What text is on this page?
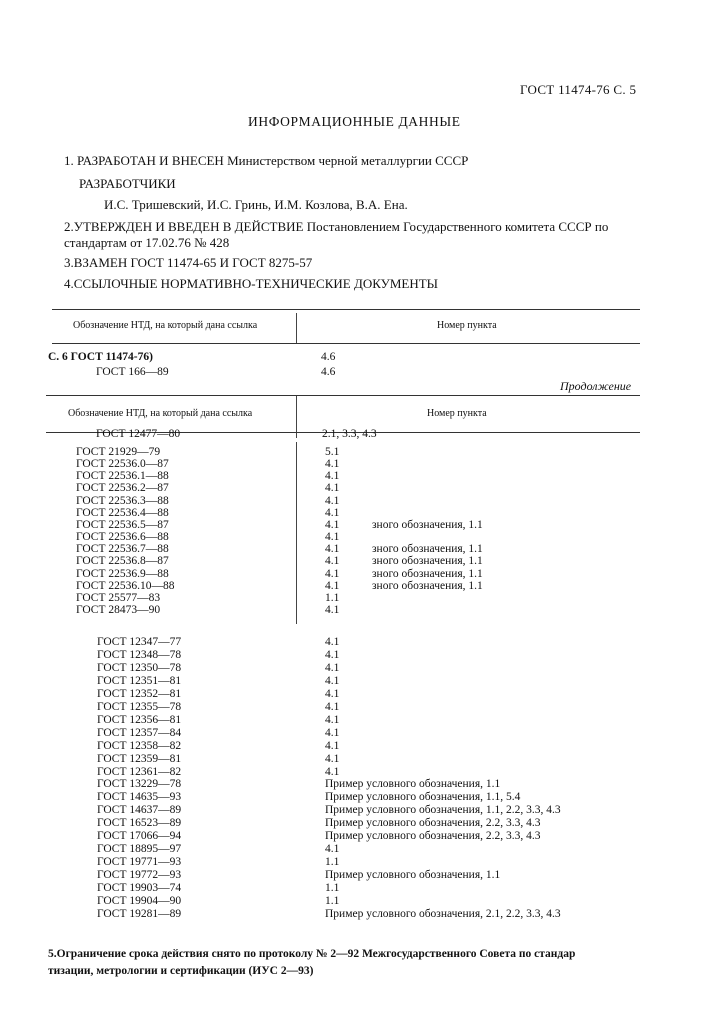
ГОСТ 11474-76 С. 5
ИНФОРМАЦИОННЫЕ ДАННЫЕ
1. РАЗРАБОТАН И ВНЕСЕН Министерством черной металлургии СССР
РАЗРАБОТЧИКИ
И.С. Тришевский, И.С. Гринь, И.М. Козлова, В.А. Ена.
2.УТВЕРЖДЕН И ВВЕДЕН В ДЕЙСТВИЕ Постановлением Государственного комитета СССР по
стандартам от 17.02.76 № 428
3.ВЗАМЕН ГОСТ 11474-65 И ГОСТ 8275-57
4.ССЫЛОЧНЫЕ НОРМАТИВНО-ТЕХНИЧЕСКИЕ ДОКУМЕНТЫ
Обозначение НТД, на который дана ссылка	Номер пункта
С. 6 ГОСТ 11474-76)	4.6
ГОСТ 166—89	4.6
Продолжение
Обозначение НТД, на который дана ссылка	Номер пункта
ГОСТ 12477—80	2.1, 3.3, 4.3
ГОСТ 21929—79	5.1
ГОСТ 22536.0—87	4.1
ГОСТ 22536.1—88	4.1
ГОСТ 22536.2—87	4.1
ГОСТ 22536.3—88	4.1
ГОСТ 22536.4—88	4.1
ГОСТ 22536.5—87	4.1	зного обозначения, 1.1
ГОСТ 22536.6—88	4.1
ГОСТ 22536.7—88	4.1	зного обозначения, 1.1
ГОСТ 22536.8—87	4.1	зного обозначения, 1.1
ГОСТ 22536.9—88	4.1	зного обозначения, 1.1
ГОСТ 22536.10—88	4.1	зного обозначения, 1.1
ГОСТ 25577—83	1.1
ГОСТ 28473—90	4.1
ГОСТ 12347—77	4.1
ГОСТ 12348—78	4.1
ГОСТ 12350—78	4.1
ГОСТ 12351—81	4.1
ГОСТ 12352—81	4.1
ГОСТ 12355—78	4.1
ГОСТ 12356—81	4.1
ГОСТ 12357—84	4.1
ГОСТ 12358—82	4.1
ГОСТ 12359—81	4.1
ГОСТ 12361—82	4.1
ГОСТ 13229—78	Пример условного обозначения, 1.1
ГОСТ 14635—93	Пример условного обозначения, 1.1, 5.4
ГОСТ 14637—89	Пример условного обозначения, 1.1, 2.2, 3.3, 4.3
ГОСТ 16523—89	Пример условного обозначения, 2.2, 3.3, 4.3
ГОСТ 17066—94	Пример условного обозначения, 2.2, 3.3, 4.3
ГОСТ 18895—97	4.1
ГОСТ 19771—93	1.1
ГОСТ 19772—93	Пример условного обозначения, 1.1
ГОСТ 19903—74	1.1
ГОСТ 19904—90	1.1
ГОСТ 19281—89	Пример условного обозначения, 2.1, 2.2, 3.3, 4.3
5.Ограничение срока действия снято по протоколу № 2—92 Межгосударственного Совета по стандар
тизации, метрологии и сертификации (ИУС 2—93)
